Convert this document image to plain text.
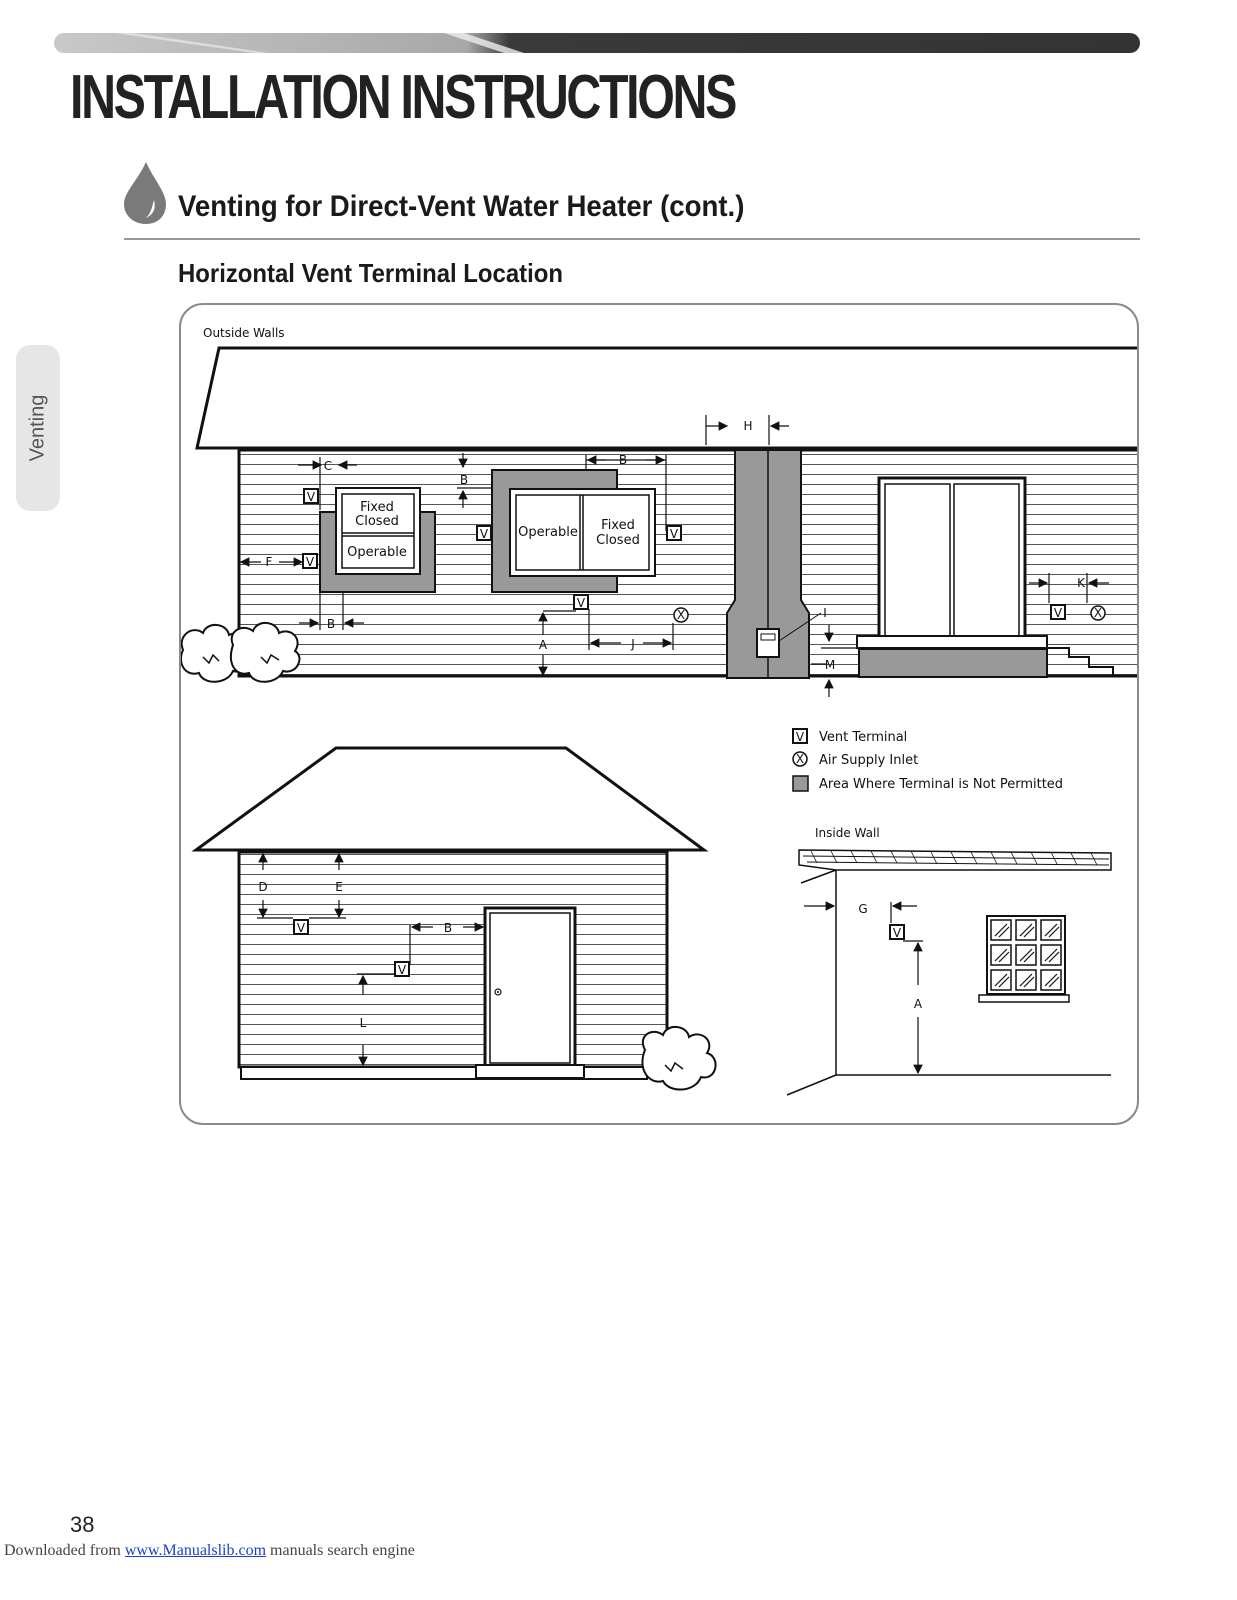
INSTALLATION INSTRUCTIONS
Venting for Direct-Vent Water Heater (cont.)
Horizontal Vent Terminal Location
Venting
Outside Walls
Fixed
Closed
Operable
Operable Fixed
Closed
V
V
V	V
V
V
X	X
H
C
B
B
F
B
A	J
I
M
K
V Vent Terminal
X Air Supply Inlet
Area Where Terminal is Not Permitted
V
V
D	E
B
L
Inside Wall
V
G
A
38
Downloaded from www.Manualslib.com manuals search engine
